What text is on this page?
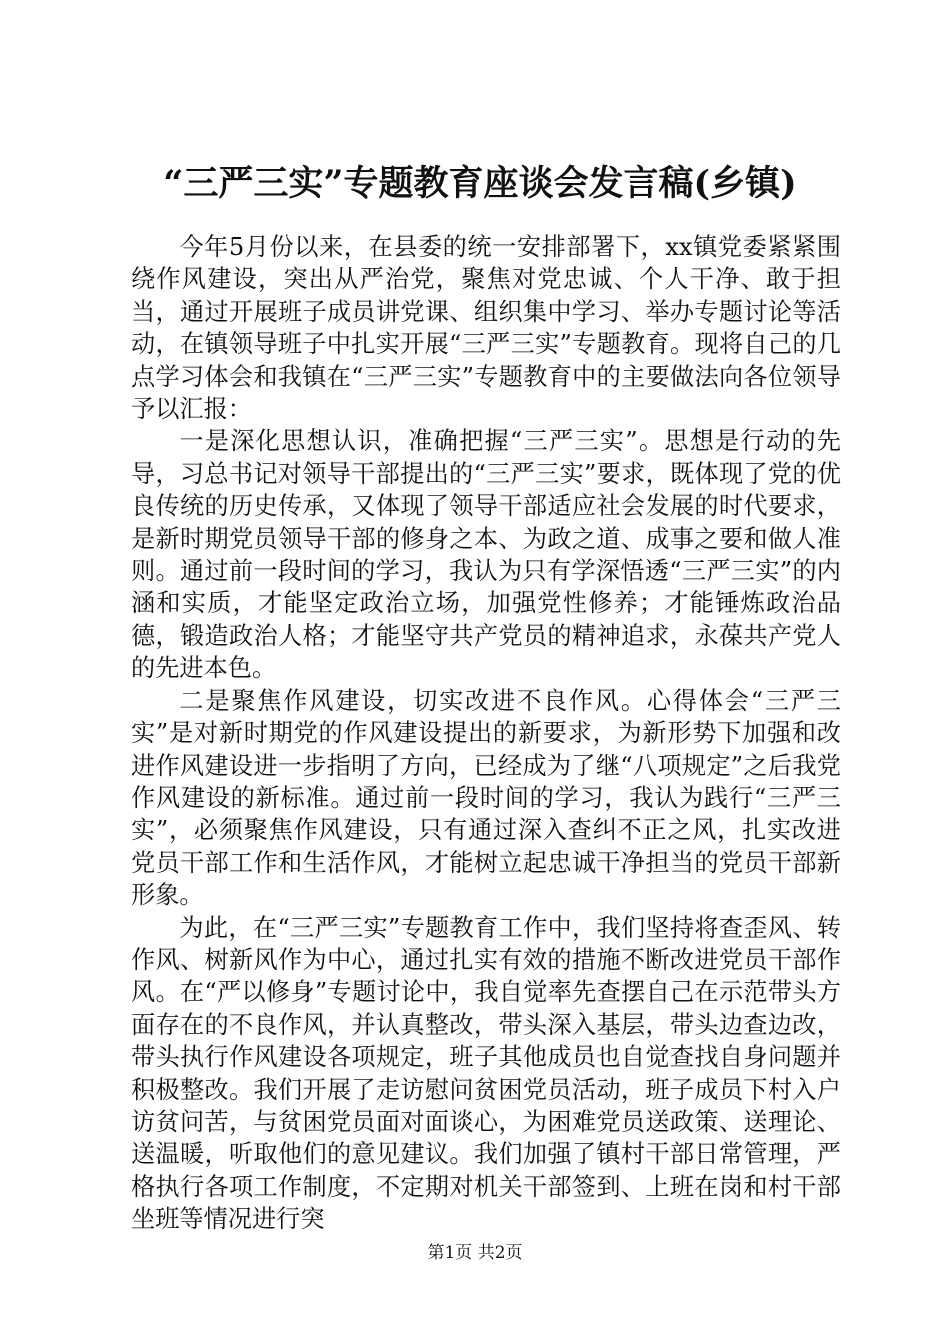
“三严三实”专题教育座谈会发言稿(乡镇)

今年5月份以来，在县委的统一安排部署下，xx镇党委紧紧围绕作风建设，突出从严治党，聚焦对党忠诚、个人干净、敢于担当，通过开展班子成员讲党课、组织集中学习、举办专题讨论等活动，在镇领导班子中扎实开展“三严三实”专题教育。现将自己的几点学习体会和我镇在“三严三实”专题教育中的主要做法向各位领导予以汇报：

一是深化思想认识，准确把握“三严三实”。思想是行动的先导，习总书记对领导干部提出的“三严三实”要求，既体现了党的优良传统的历史传承，又体现了领导干部适应社会发展的时代要求，是新时期党员领导干部的修身之本、为政之道、成事之要和做人准则。通过前一段时间的学习，我认为只有学深悟透“三严三实”的内涵和实质，才能坚定政治立场，加强党性修养；才能锤炼政治品德，锻造政治人格；才能坚守共产党员的精神追求，永葆共产党人的先进本色。

二是聚焦作风建设，切实改进不良作风。心得体会“三严三实”是对新时期党的作风建设提出的新要求，为新形势下加强和改进作风建设进一步指明了方向，已经成为了继“八项规定”之后我党作风建设的新标准。通过前一段时间的学习，我认为践行“三严三实”，必须聚焦作风建设，只有通过深入查纠不正之风，扎实改进党员干部工作和生活作风，才能树立起忠诚干净担当的党员干部新形象。

为此，在“三严三实”专题教育工作中，我们坚持将查歪风、转作风、树新风作为中心，通过扎实有效的措施不断改进党员干部作风。在“严以修身”专题讨论中，我自觉率先查摆自己在示范带头方面存在的不良作风，并认真整改，带头深入基层，带头边查边改，带头执行作风建设各项规定，班子其他成员也自觉查找自身问题并积极整改。我们开展了走访慰问贫困党员活动，班子成员下村入户访贫问苦，与贫困党员面对面谈心，为困难党员送政策、送理论、送温暖，听取他们的意见建议。我们加强了镇村干部日常管理，严格执行各项工作制度，不定期对机关干部签到、上班在岗和村干部坐班等情况进行突

第1页 共2页
